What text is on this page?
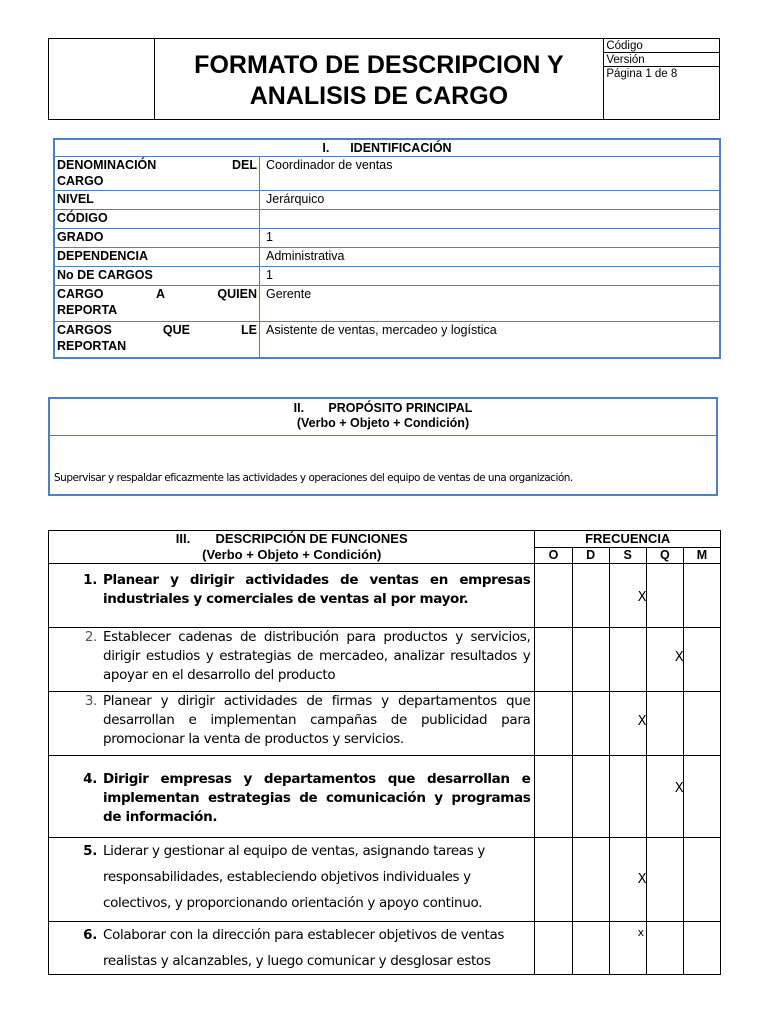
FORMATO DE DESCRIPCION Y
ANALISIS DE CARGO

Código
Versión
Página 1 de 8
I.      IDENTIFICACIÓN	

DENOMINACIÓN DEL
CARGO	Coordinador de ventas
NIVEL	Jerárquico
CÓDIGO	
GRADO	1
DEPENDENCIA	Administrativa
No DE CARGOS	1

CARGO A QUIEN
REPORTA	Gerente

CARGOS QUE LE
REPORTAN	Asistente de ventas, mercadeo y logística
II.       PROPÓSITO PRINCIPAL
(Verbo + Objeto + Condición)
Supervisar y respaldar eficazmente las actividades y operaciones del equipo de ventas de una organización.
III.       DESCRIPCIÓN DE FUNCIONES
(Verbo + Objeto + Condición)	FRECUENCIA				
	O	D	S	Q	M

1. Planear y dirigir actividades de ventas en empresas industriales y comerciales de ventas al por mayor.			X		

2. Establecer cadenas de distribución para productos y servicios, dirigir estudios y estrategias de mercadeo, analizar resultados y apoyar en el desarrollo del producto				X	

3. Planear y dirigir actividades de firmas y departamentos que desarrollan e implementan campañas de publicidad para promocionar la venta de productos y servicios.			X		

4. Dirigir empresas y departamentos que desarrollan e implementan estrategias de comunicación y programas de información.				X	

5. Liderar y gestionar al equipo de ventas, asignando tareas y responsabilidades, estableciendo objetivos individuales y colectivos, y proporcionando orientación y apoyo continuo.			X		

6. Colaborar con la dirección para establecer objetivos de ventas realistas y alcanzables, y luego comunicar y desglosar estos			x		
